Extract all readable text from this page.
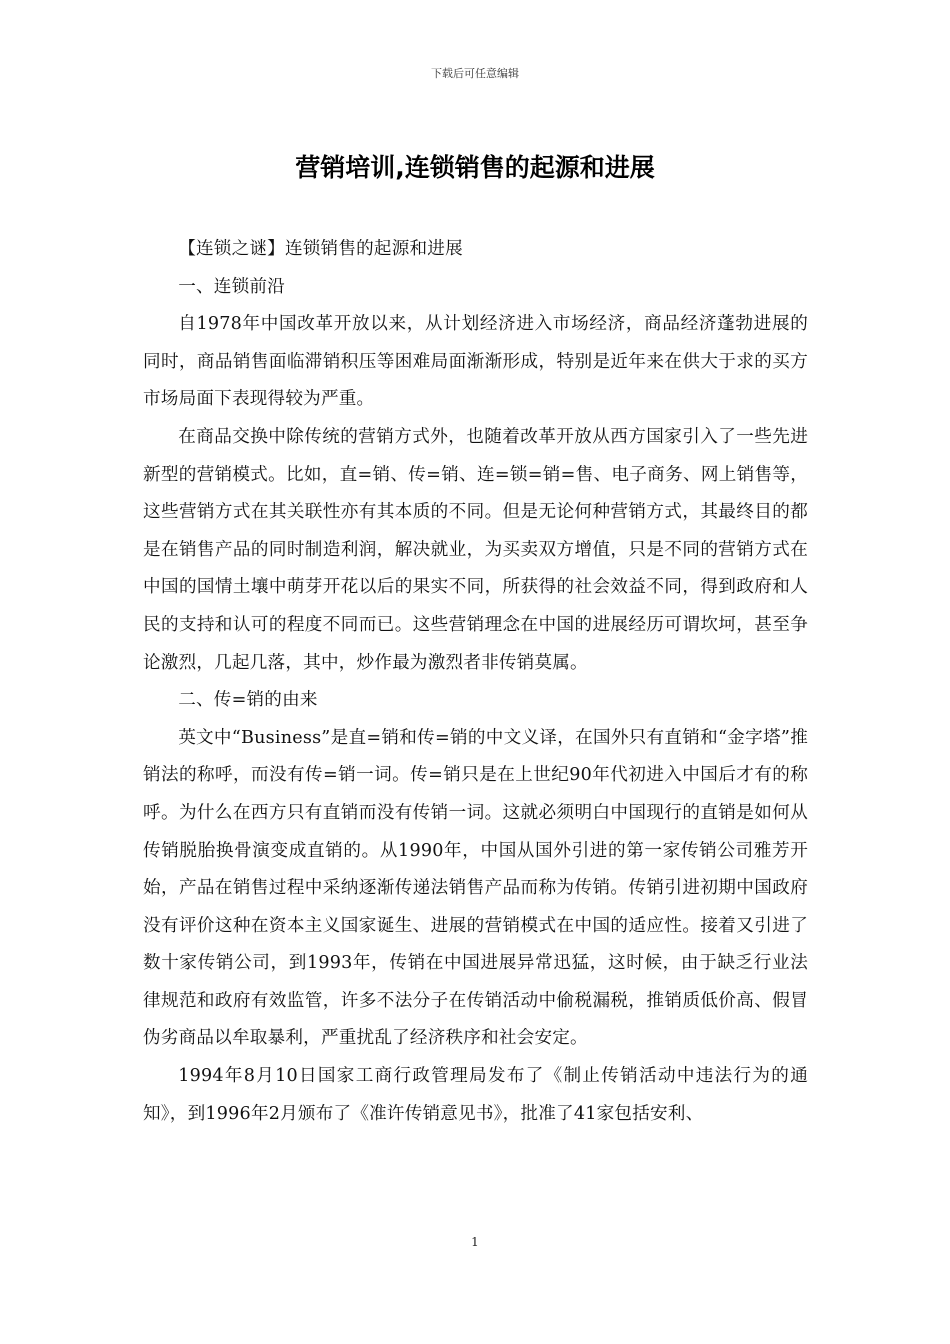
下载后可任意编辑
营销培训,连锁销售的起源和进展

【连锁之谜】连锁销售的起源和进展

一、连锁前沿

自1978年中国改革开放以来，从计划经济进入市场经济，商品经济蓬勃进展的同时，商品销售面临滞销积压等困难局面渐渐形成，特别是近年来在供大于求的买方市场局面下表现得较为严重。

在商品交换中除传统的营销方式外，也随着改革开放从西方国家引入了一些先进新型的营销模式。比如，直=销、传=销、连=锁=销=售、电子商务、网上销售等，这些营销方式在其关联性亦有其本质的不同。但是无论何种营销方式，其最终目的都是在销售产品的同时制造利润，解决就业，为买卖双方增值，只是不同的营销方式在中国的国情土壤中萌芽开花以后的果实不同，所获得的社会效益不同，得到政府和人民的支持和认可的程度不同而已。这些营销理念在中国的进展经历可谓坎坷，甚至争论激烈，几起几落，其中，炒作最为激烈者非传销莫属。

二、传=销的由来

英文中“Business”是直=销和传=销的中文义译，在国外只有直销和“金字塔”推销法的称呼，而没有传=销一词。传=销只是在上世纪90年代初进入中国后才有的称呼。为什么在西方只有直销而没有传销一词。这就必须明白中国现行的直销是如何从传销脱胎换骨演变成直销的。从1990年，中国从国外引进的第一家传销公司雅芳开始，产品在销售过程中采纳逐渐传递法销售产品而称为传销。传销引进初期中国政府没有评价这种在资本主义国家诞生、进展的营销模式在中国的适应性。接着又引进了数十家传销公司，到1993年，传销在中国进展异常迅猛，这时候，由于缺乏行业法律规范和政府有效监管，许多不法分子在传销活动中偷税漏税，推销质低价高、假冒伪劣商品以牟取暴利，严重扰乱了经济秩序和社会安定。

1994年8月10日国家工商行政管理局发布了《制止传销活动中违法行为的通知》，到1996年2月颁布了《准许传销意见书》，批准了41家包括安利、

1
